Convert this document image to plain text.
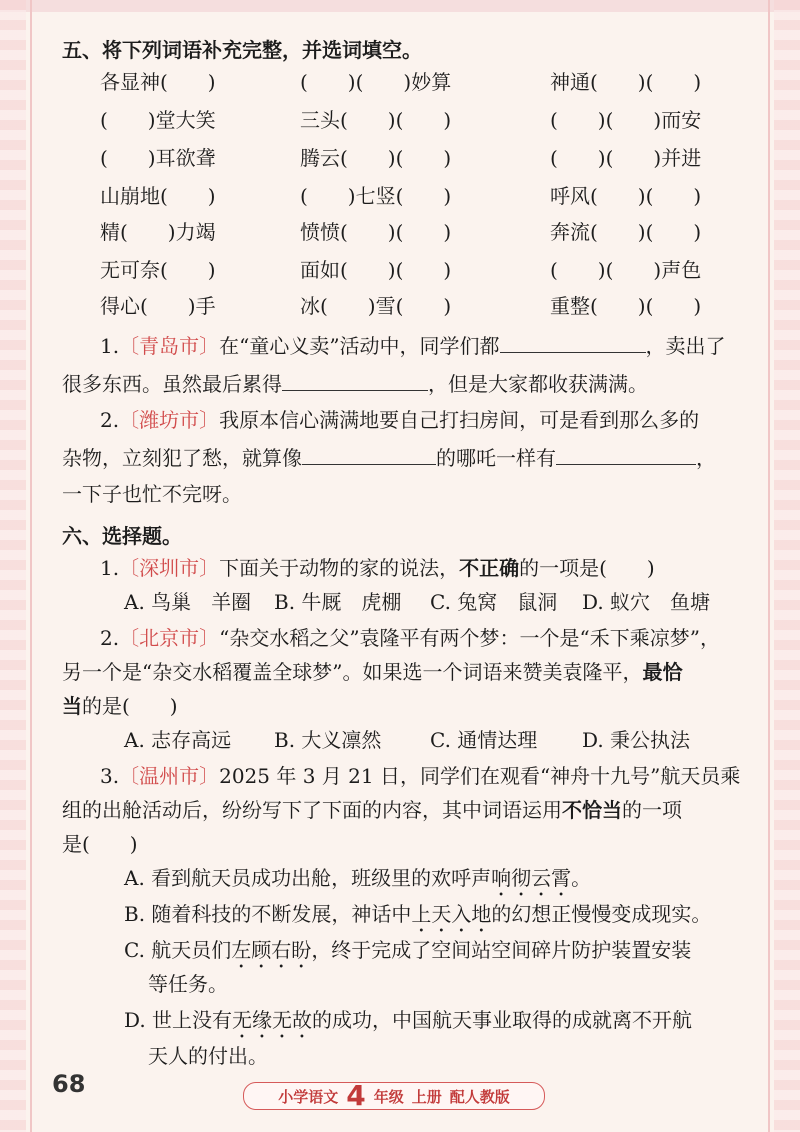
五、将下列词语补充完整，并选词填空。
各显神(　　)	(　　)(　　)妙算	神通(　　)(　　)
(　　)堂大笑	三头(　　)(　　)	(　　)(　　)而安
(　　)耳欲聋	腾云(　　)(　　)	(　　)(　　)并进
山崩地(　　)	(　　)七竖(　　)	呼风(　　)(　　)
精(　　)力竭	愤愤(　　)(　　)	奔流(　　)(　　)
无可奈(　　)	面如(　　)(　　)	(　　)(　　)声色
得心(　　)手	冰(　　)雪(　　)	重整(　　)(　　)
1.〔青岛市〕在“童心义卖”活动中，同学们都	，卖出了
很多东西。虽然最后累得	，但是大家都收获满满。
2.〔潍坊市〕我原本信心满满地要自己打扫房间，可是看到那么多的
杂物，立刻犯了愁，就算像	的哪吒一样有	，
一下子也忙不完呀。
六、选择题。
1.〔深圳市〕下面关于动物的家的说法，不正确的一项是(　　)
A. 鸟巢　羊圈 B. 牛厩　虎棚 C. 兔窝　鼠洞 D. 蚁穴　鱼塘
2.〔北京市〕“杂交水稻之父”袁隆平有两个梦：一个是“禾下乘凉梦”，
另一个是“杂交水稻覆盖全球梦”。如果选一个词语来赞美袁隆平，最恰
当的是(　　)
A. 志存高远 B. 大义凛然 C. 通情达理 D. 秉公执法
3.〔温州市〕2025 年 3 月 21 日，同学们在观看“神舟十九号”航天员乘
组的出舱活动后，纷纷写下了下面的内容，其中词语运用不恰当的一项
是(　　)
A. 看到航天员成功出舱，班级里的欢呼声响彻云霄。
B. 随着科技的不断发展，神话中上天入地的幻想正慢慢变成现实。
C. 航天员们左顾右盼，终于完成了空间站空间碎片防护装置安装
等任务。
D. 世上没有无缘无故的成功，中国航天事业取得的成就离不开航
天人的付出。
68	小学语文 4 年级 上册 配人教版
